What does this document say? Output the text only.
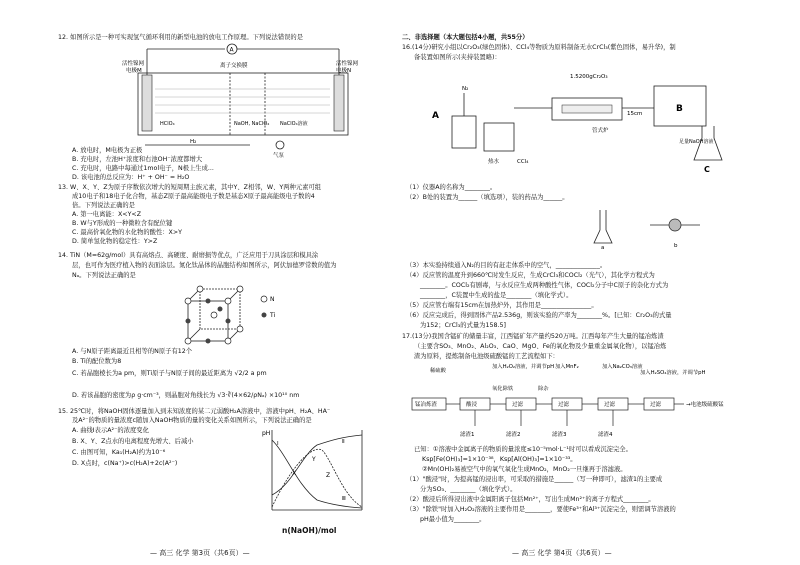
12. 如图所示是一种可实现氢气循环利用的新型电池的放电工作原理。下列说法错误的是
A
H₂
气泵
活性镍网
电极M
离子交换膜	活性镍网
电极N
HClO₄	NaOH, NaClO₄ NaClO₄溶液
A. 放电时，M电极为正极
B. 充电时，左池H⁺浓度和右池OH⁻浓度都增大
C. 充电时，电路中每通过1mol电子，N极上生成...
D. 该电池的总反应为：H⁺ + OH⁻ = H₂O
13. W、X、Y、Z为原子序数依次增大的短周期主族元素，其中Y、Z相邻，W、Y两种元素可组
成10电子和18电子化合物，基态Z原子最高能级电子数是基态X原子最高能级电子数的4
倍。下列说法正确的是
A. 第一电离能：X<Y<Z
B. W与Y形成的一种微粒含有配位键
C. 最高价氧化物的水化物的酸性：X>Y
D. 简单氢化物的稳定性：Y>Z
14. TiN（M=62g/mol）具有高熔点、高硬度、耐磨损等优点，广泛应用于刀具涂层和模具涂
层，也可作为医疗植入物的表面涂层。氮化钛晶体的晶胞结构如图所示，阿伏加德罗常数的值为
Nₐ。下列说法正确的是
N
Ti
A. 与N原子距离最近且相等的N原子有12个
B. Ti的配位数为8
C. 若晶胞棱长为a pm，则Ti原子与N原子间的最近距离为 √2/2 a pm
D. 若该晶胞的密度为ρ g·cm⁻³，则晶胞对角线长为 √3·∛(4×62/ρNₐ) ×10¹⁰ nm
15. 25℃时，将NaOH固体逐量加入到未知浓度的某二元弱酸H₂A溶液中，溶液中pH、H₂A、HA⁻
及A²⁻的物质的量浓度c随加入NaOH物质的量的变化关系如图所示，下列说法正确的是
A. 曲线Ⅰ表示A²⁻的浓度变化
B. X、Y、Z点水的电离程度先增大、后减小
C. 由图可知，Ka₁(H₂A)约为10⁻⁶
D. X点时，c(Na⁺)>c(H₂A)+2c(A²⁻)
pH
X
Y
Z
Ⅰ	Ⅱ
Ⅲ
n(NaOH)/mol
— 高三 化学 第3页（共6页）—
二、非选择题（本大题包括4小题，共55分）
16.(14分)研究小组以Cr₂O₃(绿色固体)、CCl₄等物质为原料制备无水CrCl₃(紫色固体，易升华)，制
备装置如图所示(夹持装置略)：
A
N₂
热水	CCl₄
1.5200gCr₂O₃
管式炉
15cm	B
足量NaOH溶液
C
（1）仪器A的名称为________。
（2）B处的装置为______（填选项），装的药品为______。
a	b
（3）本实验持续通入N₂的目的有赶走体系中的空气，______________。
（4）反应管的温度升到660℃时发生反应，生成CrCl₃和COCl₂（光气），其化学方程式为
________。COCl₂有剧毒，与水反应生成两种酸性气体，COCl₂分子中C原子的杂化方式为
________，C装置中生成的盐是________（填化学式）。
（5）反应管右端有15cm在加热炉外，其作用是________________。
（6）反应完成后，得到固体产品2.536g，则该实验的产率为________%。[已知：Cr₂O₃的式量
为152；CrCl₃的式量为158.5]
17.(13分)我国含锰矿的储量丰富，江西锰矿年产量约520万吨。江西每年产生大量的锰冶炼渣
（主要含SO₃、MnO₂、Al₂O₃、CaO、MgO、Fe的氧化物及少量重金属氧化物），以锰冶炼
渣为原料，提炼制备电池级硫酸锰的工艺流程如下：
稀硫酸
加入H₂O₂溶液，并调节pH 加入MnF₂	加入Na₂CO₃溶液
加入H₂SO₄溶液，并调节pH
锰冶炼渣	酸浸	过滤	过滤	过滤	过滤
氧化除铁	除杂
→电池级硫酸锰
滤渣1	滤渣2	滤渣3	滤渣4
已知：①溶液中金属离子的物质的量浓度≤10⁻⁵mol·L⁻¹时可以看成沉淀完全。
Ksp[Fe(OH)₃]=1×10⁻³⁸，Ksp[Al(OH)₃]=1×10⁻³³。
②Mn(OH)₂易被空气中的氧气氧化生成MnO₂，MnO₂一旦继再于溶滤液。
（1）"酸浸"时，为提高锰的浸出率，可采取的措施是______（写一种即可），滤渣1的主要成
分为SO₃、________（填化学式）。
（2）酸浸后所得浸出液中金属阳离子包括Mn²⁺，写出生成Mn²⁺的离子方程式________。
（3）"除铁"时加入H₂O₂溶液的主要作用是________，要使Fe³⁺和Al³⁺沉淀完全，则需调节溶液的
pH最小值为________。
— 高三 化学 第4页（共6页）—
